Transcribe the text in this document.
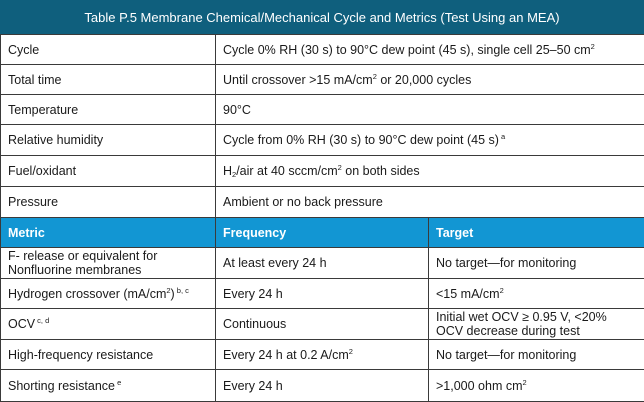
Table P.5 Membrane Chemical/Mechanical Cycle and Metrics (Test Using an MEA)
Cycle	Cycle 0% RH (30 s) to 90°C dew point (45 s), single cell 25–50 $cm^2$
Total time	Until crossover >15 $mA/cm^2$ or 20,000 cycles	
Temperature	90°C	
Relative humidity	Cycle from 0% RH (30 s) to 90°C dew point (45 s) $^a$
Fuel/oxidant	$H_2$/air at 40 sccm/$cm^2$ on both sides	
Pressure	Ambient or no back pressure	
Metric	Frequency	Target
F- release or equivalent for
Nonfluorine membranes	At least every 24 h	No target—for monitoring
Hydrogen crossover $(mA/cm^2)$ $^{b, c}$	Every 24 h	<15 $mA/cm^2$
OCV $^{c, d}$	Continuous	Initial wet OCV ≥ 0.95 V, <20%
OCV decrease during test
High-frequency resistance	Every 24 h at 0.2 $A/cm^2$	No target—for monitoring
Shorting resistance $^e$	Every 24 h	>1,000 ohm $cm^2$
